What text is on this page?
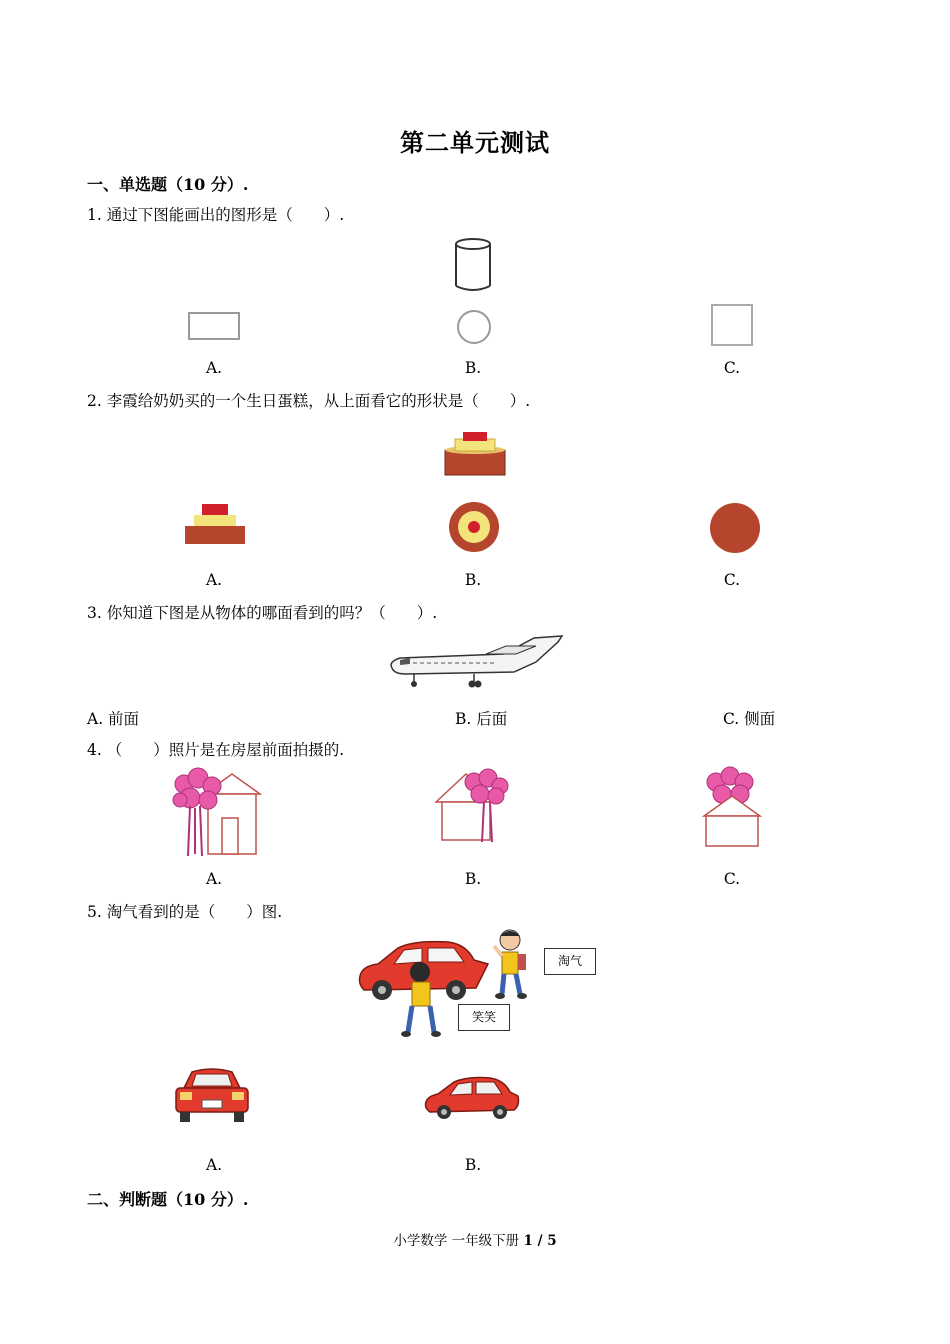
第二单元测试
一、单选题（10 分）.
1. 通过下图能画出的图形是（　　）.
A.	B.	C.
2. 李霞给奶奶买的一个生日蛋糕，从上面看它的形状是（　　）.
A.	B.	C.
3. 你知道下图是从物体的哪面看到的吗？（　　）.
A. 前面	B. 后面	C. 侧面
4. （　　）照片是在房屋前面拍摄的.
A.	B.	C.
5. 淘气看到的是（　　）图.
淘气
笑笑
A.	B.
二、判断题（10 分）.
小学数学 一年级下册 1 / 5
